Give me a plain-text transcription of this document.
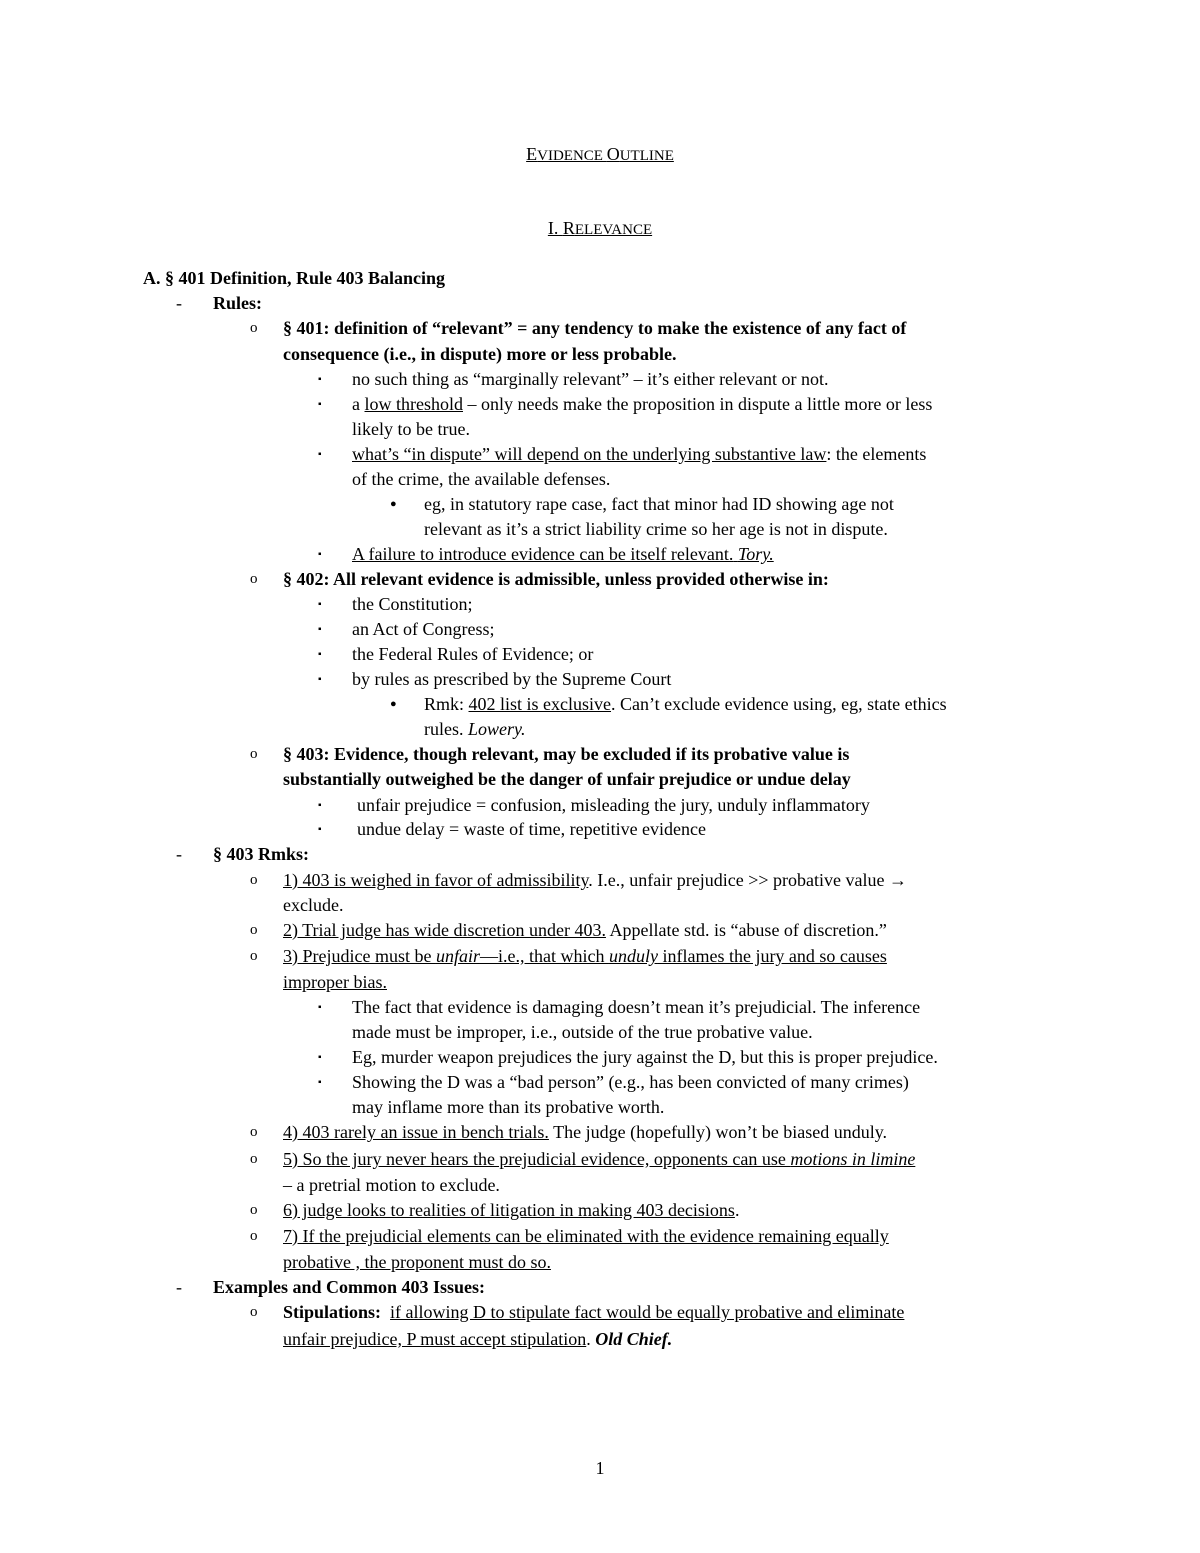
EVIDENCE OUTLINE
I. RELEVANCE
A. § 401 Definition, Rule 403 Balancing
-	Rules:
o	§ 401: definition of “relevant” = any tendency to make the existence of any fact of
consequence (i.e., in dispute) more or less probable.
▪	no such thing as “marginally relevant” – it’s either relevant or not.
▪	a low threshold – only needs make the proposition in dispute a little more or less
likely to be true.
▪	what’s “in dispute” will depend on the underlying substantive law: the elements
of the crime, the available defenses.
●	eg, in statutory rape case, fact that minor had ID showing age not
relevant as it’s a strict liability crime so her age is not in dispute.
▪	A failure to introduce evidence can be itself relevant. Tory.
o	§ 402: All relevant evidence is admissible, unless provided otherwise in:
▪	the Constitution;
▪	an Act of Congress;
▪	the Federal Rules of Evidence; or
▪	by rules as prescribed by the Supreme Court
●	Rmk: 402 list is exclusive. Can’t exclude evidence using, eg, state ethics
rules. Lowery.
o	§ 403: Evidence, though relevant, may be excluded if its probative value is
substantially outweighed be the danger of unfair prejudice or undue delay
▪	unfair prejudice = confusion, misleading the jury, unduly inflammatory
▪	undue delay = waste of time, repetitive evidence
-	§ 403 Rmks:
o	1) 403 is weighed in favor of admissibility. I.e., unfair prejudice >> probative value →
exclude.
o	2) Trial judge has wide discretion under 403. Appellate std. is “abuse of discretion.”
o	3) Prejudice must be unfair—i.e., that which unduly inflames the jury and so causes
improper bias.
▪	The fact that evidence is damaging doesn’t mean it’s prejudicial. The inference
made must be improper, i.e., outside of the true probative value.
▪	Eg, murder weapon prejudices the jury against the D, but this is proper prejudice.
▪	Showing the D was a “bad person” (e.g., has been convicted of many crimes)
may inflame more than its probative worth.
o	4) 403 rarely an issue in bench trials. The judge (hopefully) won’t be biased unduly.
o	5) So the jury never hears the prejudicial evidence, opponents can use motions in limine
– a pretrial motion to exclude.
o	6) judge looks to realities of litigation in making 403 decisions.
o	7) If the prejudicial elements can be eliminated with the evidence remaining equally
probative , the proponent must do so.
-	Examples and Common 403 Issues:
o	Stipulations: if allowing D to stipulate fact would be equally probative and eliminate
unfair prejudice, P must accept stipulation. Old Chief.
1
